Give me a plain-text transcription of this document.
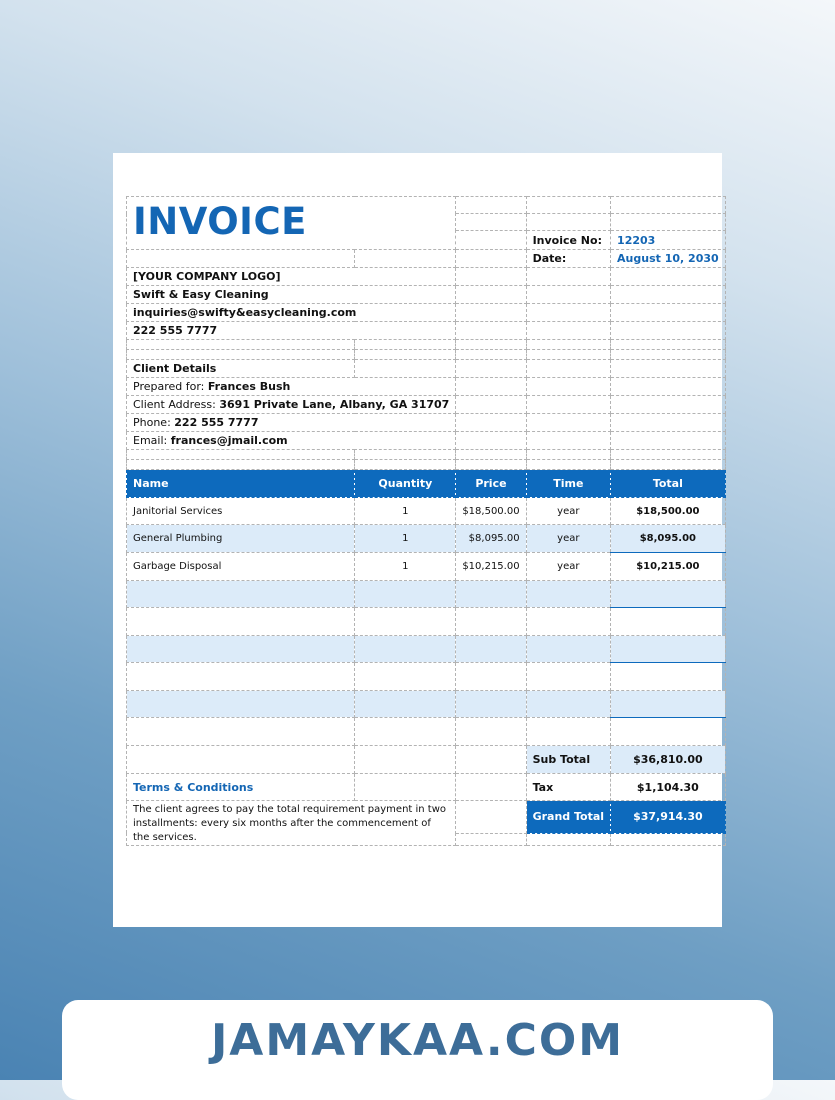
INVOICE				

			Invoice No:	12203
			Date:	August 10, 2030
[YOUR COMPANY LOGO]				
Swift & Easy Cleaning				
inquiries@swifty&easycleaning.com				
222 555 7777				

Client Details				
Prepared for: Frances Bush				
Client Address: 3691 Private Lane, Albany, GA 31707				
Phone: 222 555 7777				
Email: frances@jmail.com				

Name	Quantity	Price	Time	Total
Janitorial Services	1	$18,500.00	year	$18,500.00
General Plumbing	1	$8,095.00	year	$8,095.00
Garbage Disposal	1	$10,215.00	year	$10,215.00

			Sub Total	$36,810.00
Terms & Conditions			Tax	$1,104.30
The client agrees to pay the total requirement payment in two installments: every six months after the commencement of the services.			Grand Total	$37,914.30

JAMAYKAA.COM
